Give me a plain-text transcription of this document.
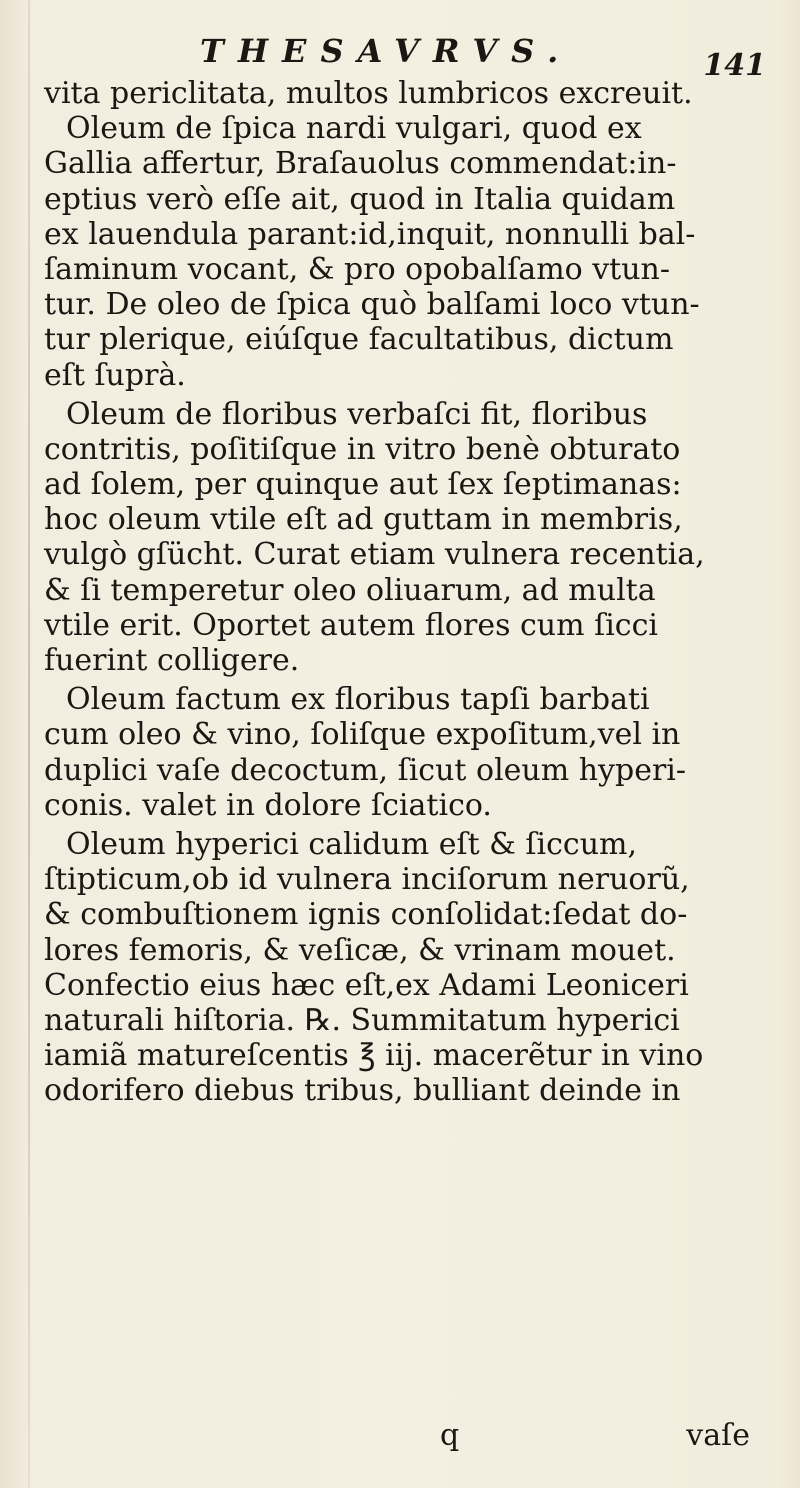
THESAVRVS.	141
vita periclitata, multos lumbricos excreuit.
Oleum de ſpica nardi vulgari, quod ex
Gallia affertur, Braſauolus commendat:in-
eptius verò eſſe ait, quod in Italia quidam
ex lauendula parant:id,inquit, nonnulli bal-
ſaminum vocant, & pro opobalſamo vtun-
tur. De oleo de ſpica quò balſami loco vtun-
tur plerique, eiúſque facultatibus, dictum
eſt ſuprà.
Oleum de floribus verbaſci fit, floribus
contritis, poſitiſque in vitro benè obturato
ad ſolem, per quinque aut ſex ſeptimanas:
hoc oleum vtile eſt ad guttam in membris,
vulgò gſücht. Curat etiam vulnera recentia,
& ſi temperetur oleo oliuarum, ad multa
vtile erit. Oportet autem flores cum ſicci
fuerint colligere.
Oleum factum ex floribus tapſi barbati
cum oleo & vino, ſoliſque expoſitum,vel in
duplici vaſe decoctum, ſicut oleum hyperi-
conis. valet in dolore ſciatico.
Oleum hyperici calidum eſt & ſiccum,
ſtipticum,ob id vulnera inciſorum neruorũ,
& combuſtionem ignis conſolidat:ſedat do-
lores femoris, & veſicæ, & vrinam mouet.
Confectio eius hæc eſt,ex Adami Leoniceri
naturali hiſtoria. ℞. Summitatum hyperici
iamiã matureſcentis ℥ iij. macerẽtur in vino
odorifero diebus tribus, bulliant deinde in
q	vaſe
